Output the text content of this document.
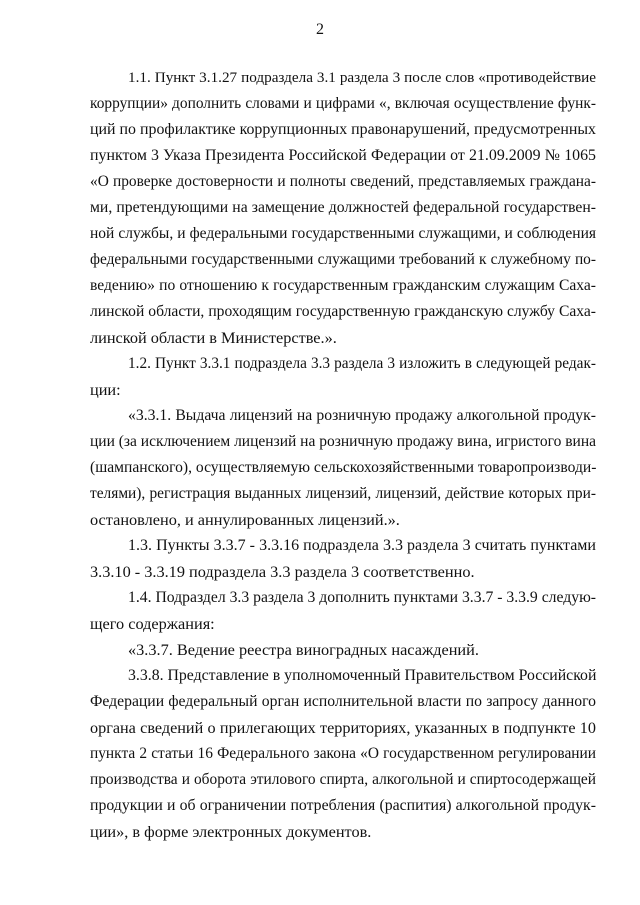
2
1.1. Пункт 3.1.27 подраздела 3.1 раздела 3 после слов «противодействие
коррупции» дополнить словами и цифрами «, включая осуществление функ-
ций по профилактике коррупционных правонарушений, предусмотренных
пунктом 3 Указа Президента Российской Федерации от 21.09.2009 № 1065
«О проверке достоверности и полноты сведений, представляемых граждана-
ми, претендующими на замещение должностей федеральной государствен-
ной службы, и федеральными государственными служащими, и соблюдения
федеральными государственными служащими требований к служебному по-
ведению» по отношению к государственным гражданским служащим Саха-
линской области, проходящим государственную гражданскую службу Саха-
линской области в Министерстве.».
1.2. Пункт 3.3.1 подраздела 3.3 раздела 3 изложить в следующей редак-
ции:
«3.3.1. Выдача лицензий на розничную продажу алкогольной продук-
ции (за исключением лицензий на розничную продажу вина, игристого вина
(шампанского), осуществляемую сельскохозяйственными товаропроизводи-
телями), регистрация выданных лицензий, лицензий, действие которых при-
остановлено, и аннулированных лицензий.».
1.3. Пункты 3.3.7 - 3.3.16 подраздела 3.3 раздела 3 считать пунктами
3.3.10 - 3.3.19 подраздела 3.3 раздела 3 соответственно.
1.4. Подраздел 3.3 раздела 3 дополнить пунктами 3.3.7 - 3.3.9 следую-
щего содержания:
«3.3.7. Ведение реестра виноградных насаждений.
3.3.8. Представление в уполномоченный Правительством Российской
Федерации федеральный орган исполнительной власти по запросу данного
органа сведений о прилегающих территориях, указанных в подпункте 10
пункта 2 статьи 16 Федерального закона «О государственном регулировании
производства и оборота этилового спирта, алкогольной и спиртосодержащей
продукции и об ограничении потребления (распития) алкогольной продук-
ции», в форме электронных документов.
